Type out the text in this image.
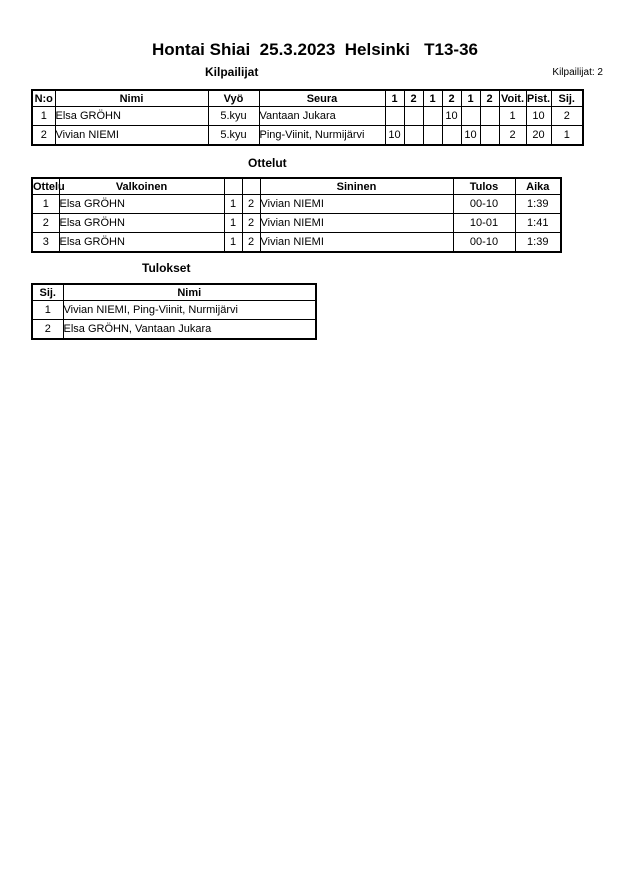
Hontai Shiai  25.3.2023  Helsinki   T13-36
Kilpailijat	Kilpailijat: 2
N:o	Nimi	Vyö	Seura	1	2	1	2	1	2	Voit.	Pist.	Sij.
1	Elsa GRÖHN	5.kyu	Vantaan Jukara				10			1	10	2
2	Vivian NIEMI	5.kyu	Ping-Viinit, Nurmijärvi	10				10		2	20	1
Ottelut
Ottelu	Valkoinen			Sininen	Tulos	Aika
1	Elsa GRÖHN	1	2	Vivian NIEMI	00-10	1:39
2	Elsa GRÖHN	1	2	Vivian NIEMI	10-01	1:41
3	Elsa GRÖHN	1	2	Vivian NIEMI	00-10	1:39
Tulokset
Sij.	Nimi
1	Vivian NIEMI, Ping-Viinit, Nurmijärvi
2	Elsa GRÖHN, Vantaan Jukara
